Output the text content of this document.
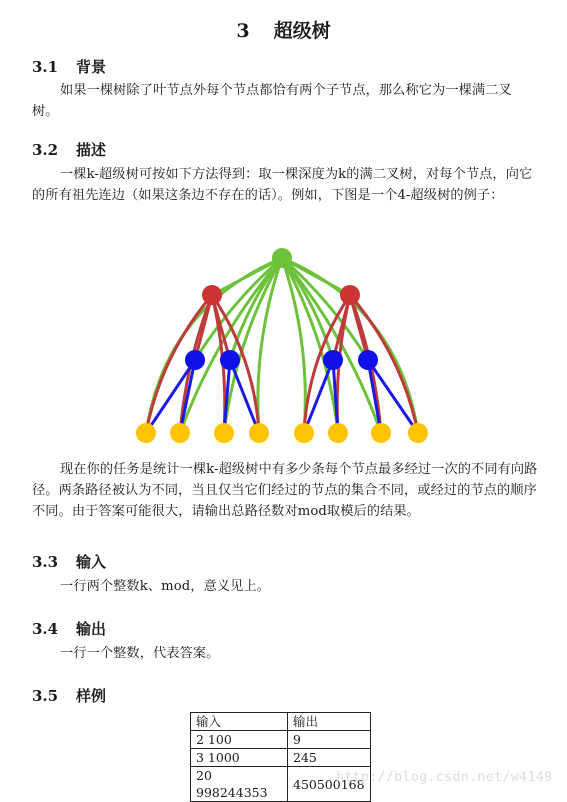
3 超级树
3.1 背景

如果一棵树除了叶节点外每个节点都恰有两个子节点，那么称它为一棵满二叉树。

3.2 描述

一棵k-超级树可按如下方法得到：取一棵深度为k的满二叉树，对每个节点，向它的所有祖先连边（如果这条边不存在的话）。例如，下图是一个4-超级树的例子：

现在你的任务是统计一棵k-超级树中有多少条每个节点最多经过一次的不同有向路径。两条路径被认为不同，当且仅当它们经过的节点的集合不同，或经过的节点的顺序不同。由于答案可能很大，请输出总路径数对mod取模后的结果。

3.3 输入

一行两个整数k、mod，意义见上。

3.4 输出

一行一个整数，代表答案。

3.5 样例
输入	输出
2 100	9
3 1000	245
20 998244353	450500168
http://blog.csdn.net/w4149
